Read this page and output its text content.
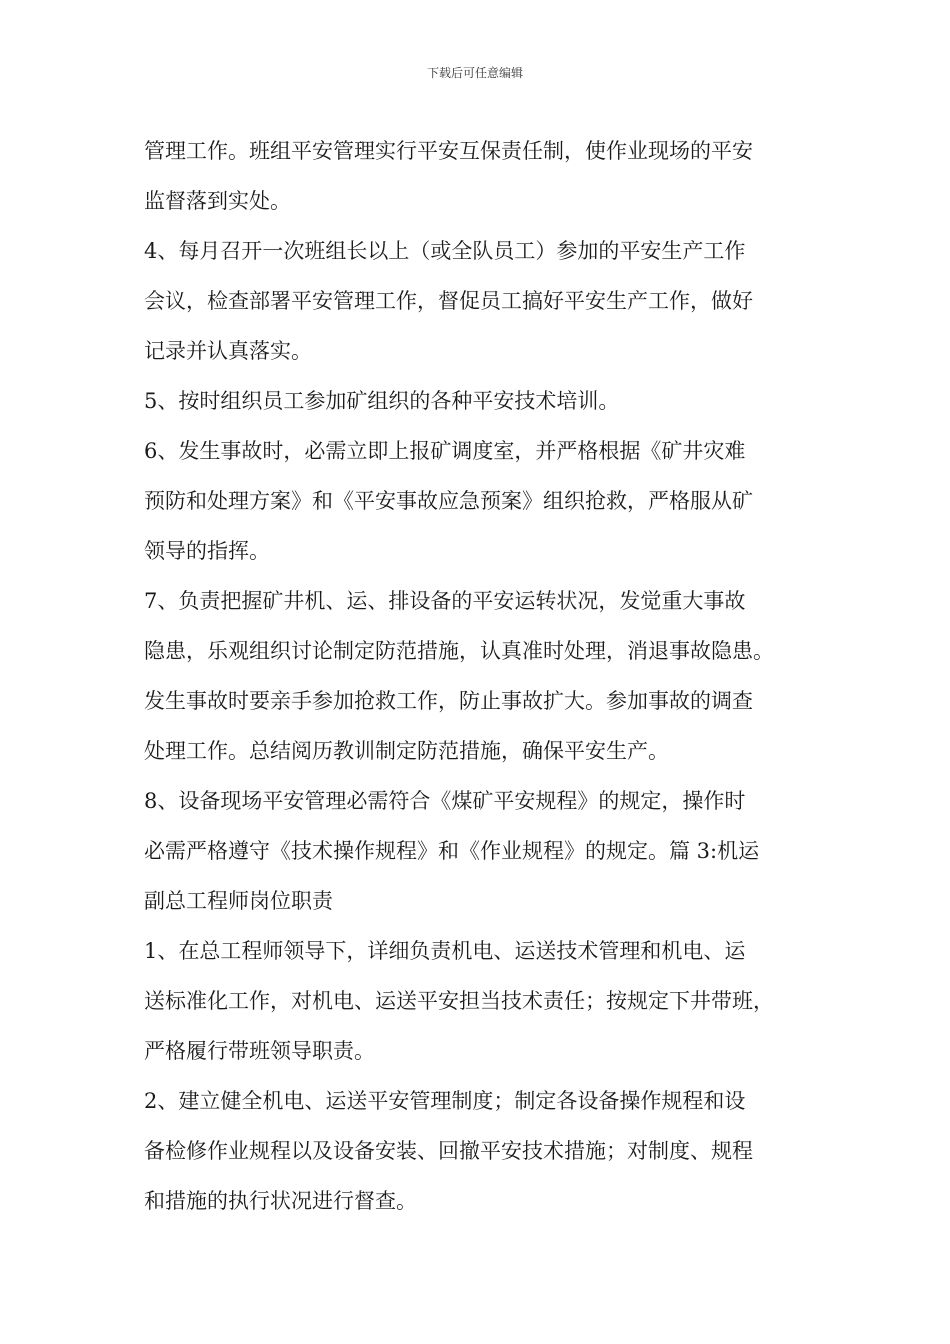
下载后可任意编辑
管理工作。班组平安管理实行平安互保责任制，使作业现场的平安
监督落到实处。
4、每月召开一次班组长以上（或全队员工）参加的平安生产工作
会议，检查部署平安管理工作，督促员工搞好平安生产工作，做好
记录并认真落实。
5、按时组织员工参加矿组织的各种平安技术培训。
6、发生事故时，必需立即上报矿调度室，并严格根据《矿井灾难
预防和处理方案》和《平安事故应急预案》组织抢救，严格服从矿
领导的指挥。
7、负责把握矿井机、运、排设备的平安运转状况，发觉重大事故
隐患，乐观组织讨论制定防范措施，认真准时处理，消退事故隐患。
发生事故时要亲手参加抢救工作，防止事故扩大。参加事故的调查
处理工作。总结阅历教训制定防范措施，确保平安生产。
8、设备现场平安管理必需符合《煤矿平安规程》的规定，操作时
必需严格遵守《技术操作规程》和《作业规程》的规定。篇 3:机运
副总工程师岗位职责
1、在总工程师领导下，详细负责机电、运送技术管理和机电、运
送标准化工作，对机电、运送平安担当技术责任；按规定下井带班，
严格履行带班领导职责。
2、建立健全机电、运送平安管理制度；制定各设备操作规程和设
备检修作业规程以及设备安装、回撤平安技术措施；对制度、规程
和措施的执行状况进行督查。
